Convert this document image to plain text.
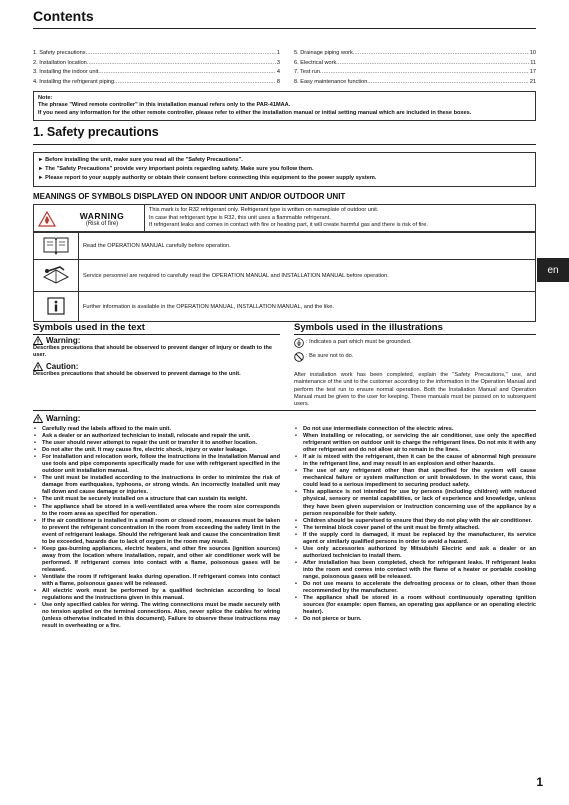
Contents
1. Safety precautions .....	1
2. Installation location .....	3
3. Installing the indoor unit .....	4
4. Installing the refrigerant piping .....	8
5. Drainage piping work .....	10
6. Electrical work .....	11
7. Test run .....	17
8. Easy maintenance function .....	21
Note:
The phrase "Wired remote controller" in this installation manual refers only to the PAR-41MAA.
If you need any information for the other remote controller, please refer to either the installation manual or initial setting manual which are included in these boxes.
1. Safety precautions
► Before installing the unit, make sure you read all the "Safety Precautions".
► The "Safety Precautions" provide very important points regarding safety. Make sure you follow them.
► Please report to your supply authority or obtain their consent before connecting this equipment to the power supply system.
MEANINGS OF SYMBOLS DISPLAYED ON INDOOR UNIT AND/OR OUTDOOR UNIT
WARNING
(Risk of fire)

This mark is for R32 refrigerant only. Refrigerant type is written on nameplate of outdoor unit.
In case that refrigerant type is R32, this unit uses a flammable refrigerant.
If refrigerant leaks and comes in contact with fire or heating part, it will create harmful gas and there is risk of fire.
	Read the OPERATION MANUAL carefully before operation.
	Service personnel are required to carefully read the OPERATION MANUAL and INSTALLATION MANUAL before operation.
	Further information is available in the OPERATION MANUAL, INSTALLATION MANUAL, and the like.
en
Symbols used in the text
Warning:
Describes precautions that should be observed to prevent danger of injury or death to the user.
Caution:
Describes precautions that should be observed to prevent damage to the unit.
Symbols used in the illustrations
: Indicates a part which must be grounded.
: Be sure not to do.
After installation work has been completed, explain the "Safety Precautions," use, and maintenance of the unit to the customer according to the information in the Operation Manual and perform the test run to ensure normal operation. Both the Installation Manual and Operation Manual must be given to the user for keeping. These manuals must be passed on to subsequent users.
Warning:
• Carefully read the labels affixed to the main unit.
• Ask a dealer or an authorized technician to install, relocate and repair the unit.
• The user should never attempt to repair the unit or transfer it to another location.
• Do not alter the unit. It may cause fire, electric shock, injury or water leakage.
• For installation and relocation work, follow the instructions in the Installation Manual and use tools and pipe components specifically made for use with refrigerant specified in the outdoor unit installation manual.
• The unit must be installed according to the instructions in order to minimize the risk of damage from earthquakes, typhoons, or strong winds. An incorrectly installed unit may fall down and cause damage or injuries.
• The unit must be securely installed on a structure that can sustain its weight.
• The appliance shall be stored in a well-ventilated area where the room size corresponds to the room area as specified for operation.
• If the air conditioner is installed in a small room or closed room, measures must be taken to prevent the refrigerant concentration in the room from exceeding the safety limit in the event of refrigerant leakage. Should the refrigerant leak and cause the concentration limit to be exceeded, hazards due to lack of oxygen in the room may result.
• Keep gas-burning appliances, electric heaters, and other fire sources (ignition sources) away from the location where installation, repair, and other air conditioner work will be performed. If refrigerant comes into contact with a flame, poisonous gases will be released.
• Ventilate the room if refrigerant leaks during operation. If refrigerant comes into contact with a flame, poisonous gases will be released.
• All electric work must be performed by a qualified technician according to local regulations and the instructions given in this manual.
• Use only specified cables for wiring. The wiring connections must be made securely with no tension applied on the terminal connections. Also, never splice the cables for wiring (unless otherwise indicated in this document). Failure to observe these instructions may result in overheating or a fire.
• Do not use intermediate connection of the electric wires.
• When installing or relocating, or servicing the air conditioner, use only the specified refrigerant written on outdoor unit to charge the refrigerant lines. Do not mix it with any other refrigerant and do not allow air to remain in the lines.
• If air is mixed with the refrigerant, then it can be the cause of abnormal high pressure in the refrigerant line, and may result in an explosion and other hazards.
• The use of any refrigerant other than that specified for the system will cause mechanical failure or system malfunction or unit breakdown. In the worst case, this could lead to a serious impediment to securing product safety.
• This appliance is not intended for use by persons (including children) with reduced physical, sensory or mental capabilities, or lack of experience and knowledge, unless they have been given supervision or instruction concerning use of the appliance by a person responsible for their safety.
• Children should be supervised to ensure that they do not play with the air conditioner.
• The terminal block cover panel of the unit must be firmly attached.
• If the supply cord is damaged, it must be replaced by the manufacturer, its service agent or similarly qualified persons in order to avoid a hazard.
• Use only accessories authorized by Mitsubishi Electric and ask a dealer or an authorized technician to install them.
• After installation has been completed, check for refrigerant leaks. If refrigerant leaks into the room and comes into contact with the flame of a heater or portable cooking range, poisonous gases will be released.
• Do not use means to accelerate the defrosting process or to clean, other than those recommended by the manufacturer.
• The appliance shall be stored in a room without continuously operating ignition sources (for example: open flames, an operating gas appliance or an operating electric heater).
• Do not pierce or burn.
1
